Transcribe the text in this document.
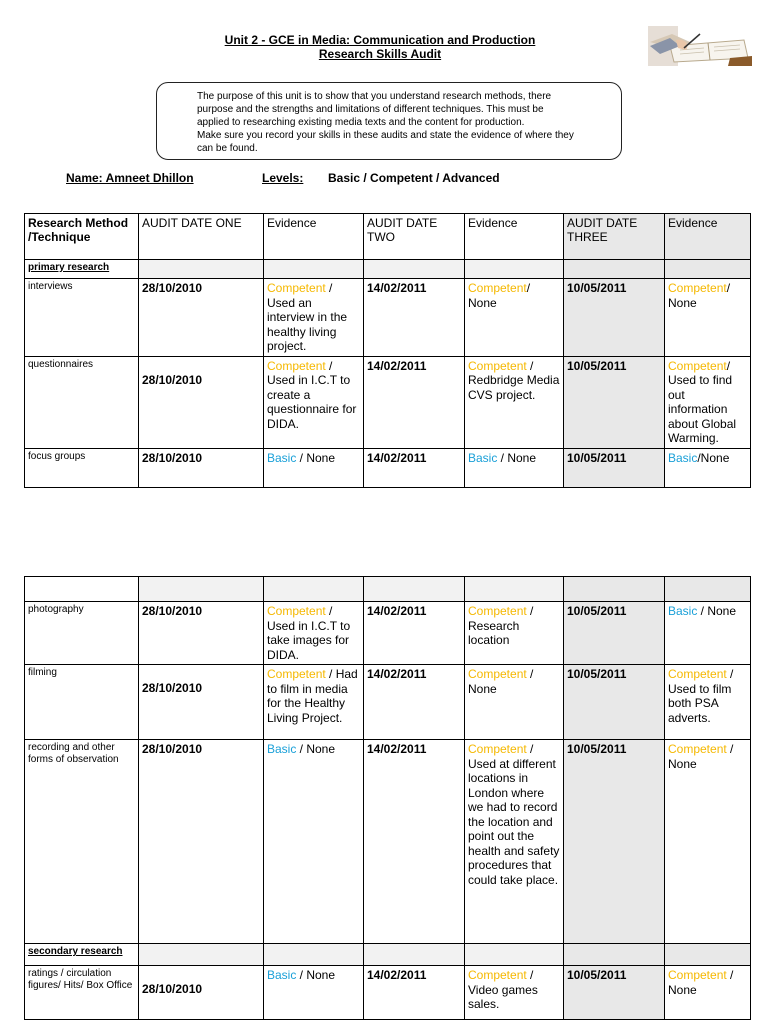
Unit 2 - GCE in Media: Communication and Production
Research Skills Audit
The purpose of this unit is to show that you understand research methods, there
purpose and the strengths and limitations of different techniques. This must be
applied to researching existing media texts and the content for production.
Make sure you record your skills in these audits and state the evidence of where they
can be found.
Name: Amneet Dhillon	Levels: Basic / Competent / Advanced
Research Method /Technique	AUDIT DATE ONE	Evidence	AUDIT DATE TWO	Evidence	AUDIT DATE THREE	Evidence
primary research						
interviews	28/10/2010	Competent / Used an interview in the healthy living project.	14/02/2011	Competent/ None	10/05/2011	Competent/ None
questionnaires	28/10/2010	Competent / Used in I.C.T to create a questionnaire for DIDA.	14/02/2011	Competent / Redbridge Media CVS project.	10/05/2011	Competent/ Used to find out information about Global Warming.
focus groups	28/10/2010	Basic / None	14/02/2011	Basic / None	10/05/2011	Basic/None

photography	28/10/2010	Competent / Used in I.C.T to take images for DIDA.	14/02/2011	Competent / Research location	10/05/2011	Basic / None
filming	28/10/2010	Competent / Had to film in media for the Healthy Living Project.	14/02/2011	Competent / None	10/05/2011	Competent / Used to film both PSA adverts.
recording and other forms of observation	28/10/2010	Basic / None	14/02/2011	Competent / Used at different locations in London where we had to record the location and point out the health and safety procedures that could take place.	10/05/2011	Competent / None
secondary research						
ratings / circulation figures/ Hits/ Box Office	28/10/2010	Basic / None	14/02/2011	Competent / Video games sales.	10/05/2011	Competent / None
